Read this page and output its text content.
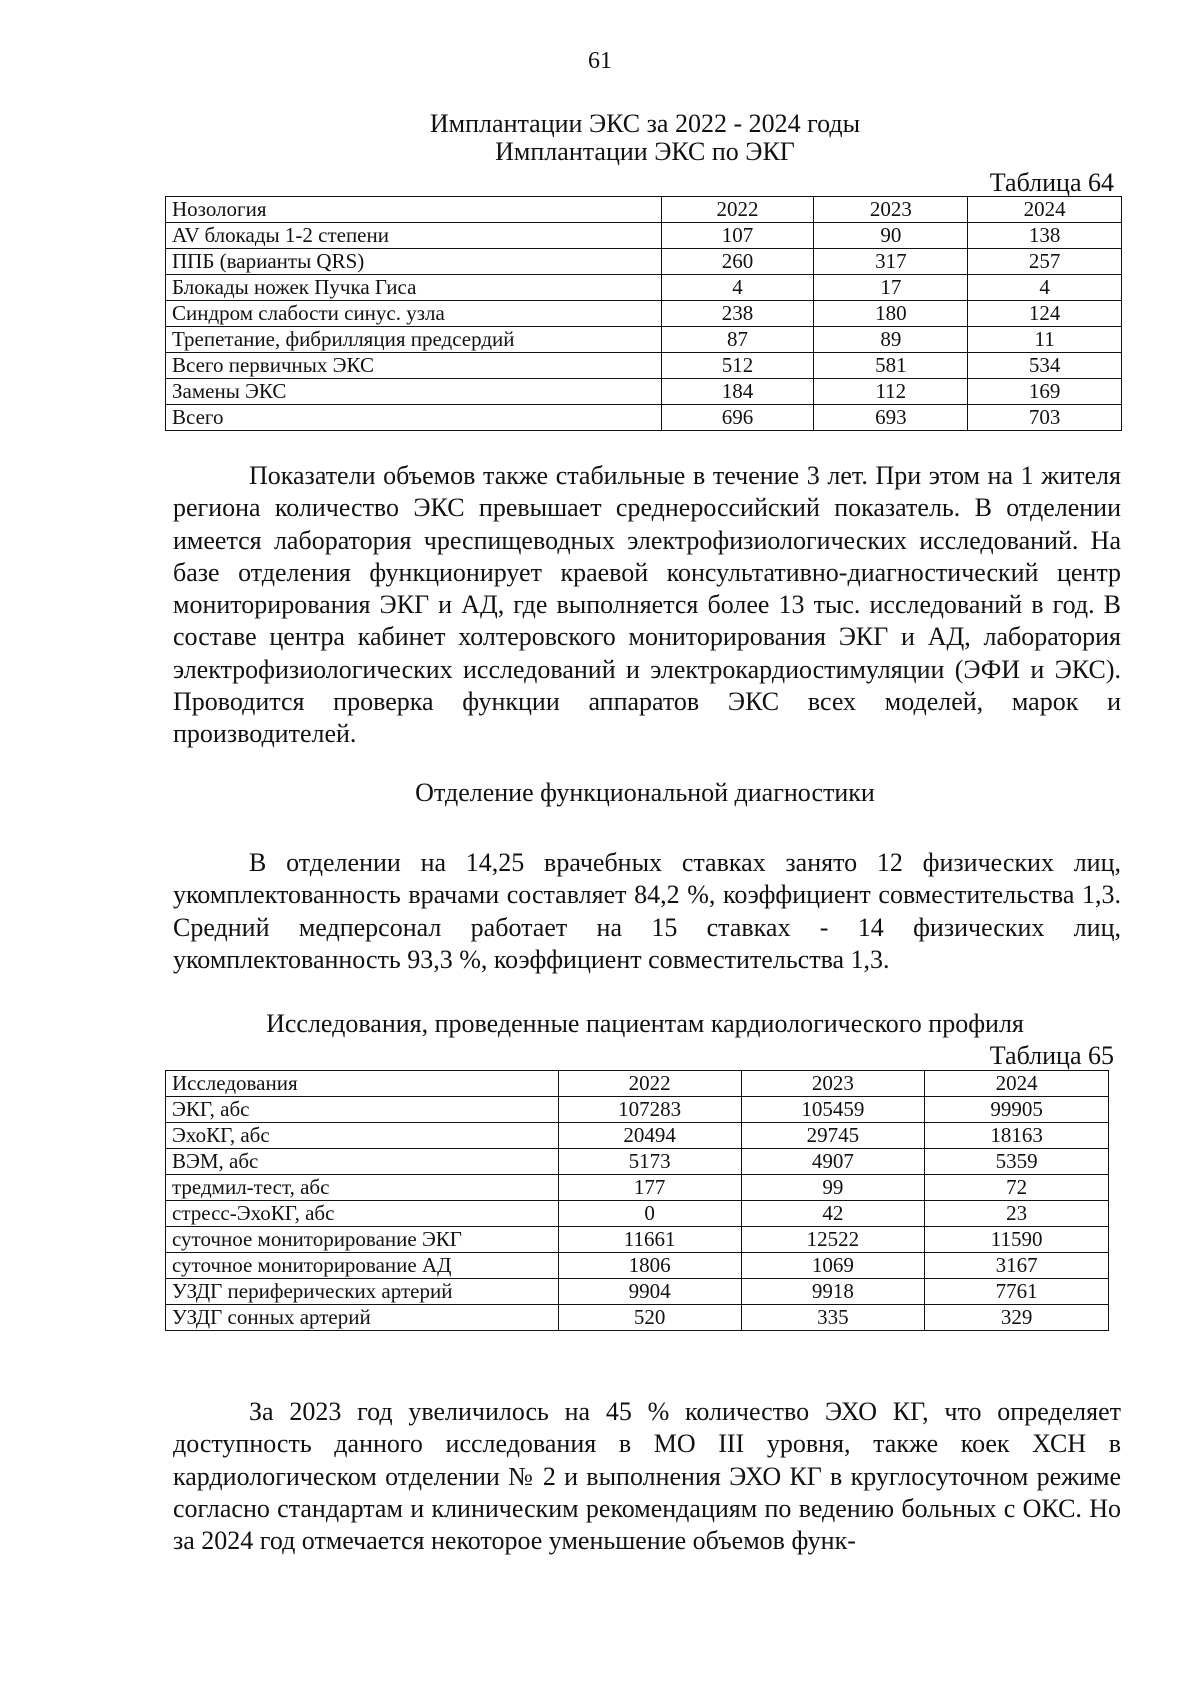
61
Имплантации ЭКС за 2022 - 2024 годы
Имплантации ЭКС по ЭКГ
Таблица 64
Нозология	2022	2023	2024
AV блокады 1-2 степени	107	90	138
ППБ (варианты QRS)	260	317	257
Блокады ножек Пучка Гиса	4	17	4
Синдром слабости синус. узла	238	180	124
Трепетание, фибрилляция предсердий	87	89	11
Всего первичных ЭКС	512	581	534
Замены ЭКС	184	112	169
Всего	696	693	703

Показатели объемов также стабильные в течение 3 лет. При этом на 1 жителя региона количество ЭКС превышает среднероссийский показатель. В отделении имеется лаборатория чреспищеводных электрофизиологических исследований. На базе отделения функционирует краевой консультативно-диагностический центр мониторирования ЭКГ и АД, где выполняется более 13 тыс. исследований в год. В составе центра кабинет холтеровского мониторирования ЭКГ и АД, лаборатория электрофизиологических исследований и электрокардиостимуляции (ЭФИ и ЭКС). Проводится проверка функции аппаратов ЭКС всех моделей, марок и производителей.

Отделение функциональной диагностики

В отделении на 14,25 врачебных ставках занято 12 физических лиц, укомплектованность врачами составляет 84,2 %, коэффициент совместительства 1,3. Средний медперсонал работает на 15 ставках - 14 физических лиц, укомплектованность 93,3 %, коэффициент совместительства 1,3.

Исследования, проведенные пациентам кардиологического профиля
Таблица 65
Исследования	2022	2023	2024
ЭКГ, абс	107283	105459	99905
ЭхоКГ, абс	20494	29745	18163
ВЭМ, абс	5173	4907	5359
тредмил-тест, абс	177	99	72
стресс-ЭхоКГ, абс	0	42	23
суточное мониторирование ЭКГ	11661	12522	11590
суточное мониторирование АД	1806	1069	3167
УЗДГ периферических артерий	9904	9918	7761
УЗДГ сонных артерий	520	335	329

За 2023 год увеличилось на 45 % количество ЭХО КГ, что определяет доступность данного исследования в МО III уровня, также коек ХСН в кардиологическом отделении № 2 и выполнения ЭХО КГ в круглосуточном режиме согласно стандартам и клиническим рекомендациям по ведению больных с ОКС. Но за 2024 год отмечается некоторое уменьшение объемов функ-
